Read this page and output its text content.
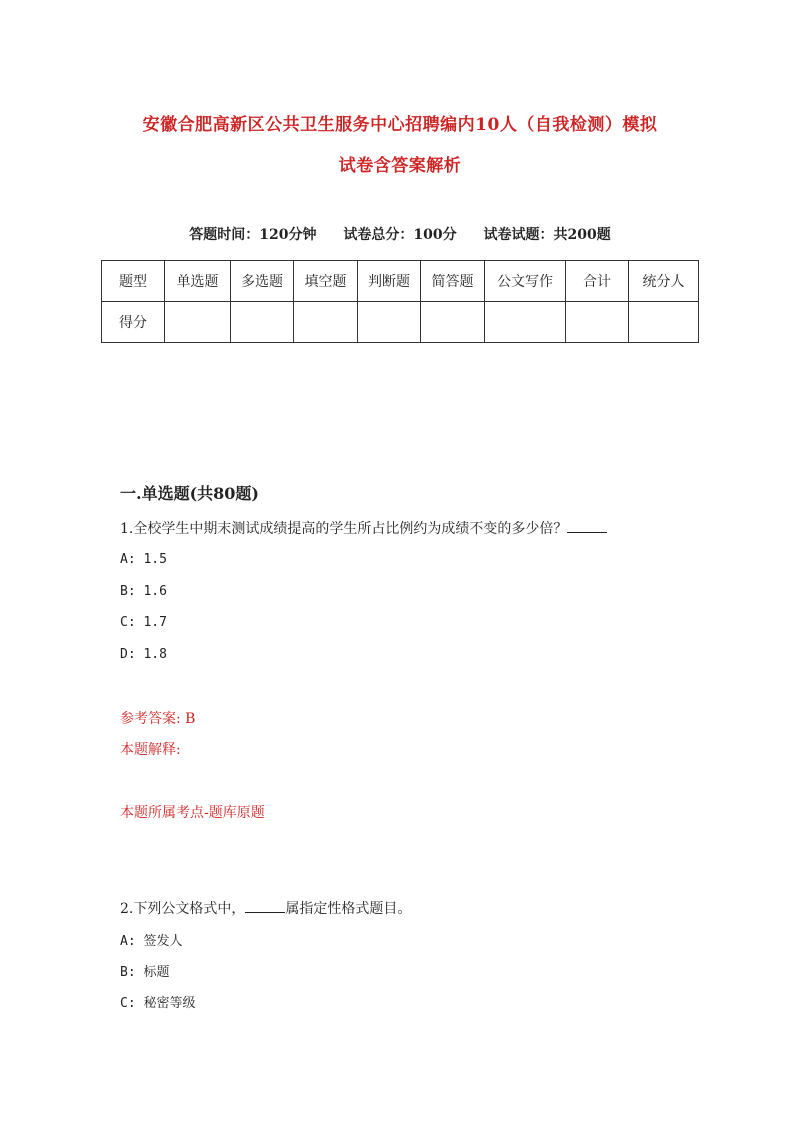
安徽合肥高新区公共卫生服务中心招聘编内10人（自我检测）模拟
试卷含答案解析
答题时间：120分钟 试卷总分：100分 试卷试题：共200题
题型	单选题	多选题	填空题	判断题	简答题	公文写作	合计	统分人
得分								
一.单选题(共80题)
1.全校学生中期末测试成绩提高的学生所占比例约为成绩不变的多少倍？
A: 1.5
B: 1.6
C: 1.7
D: 1.8
参考答案: B
本题解释:
本题所属考点-题库原题
2.下列公文格式中，	属指定性格式题目。
A: 签发人
B: 标题
C: 秘密等级
